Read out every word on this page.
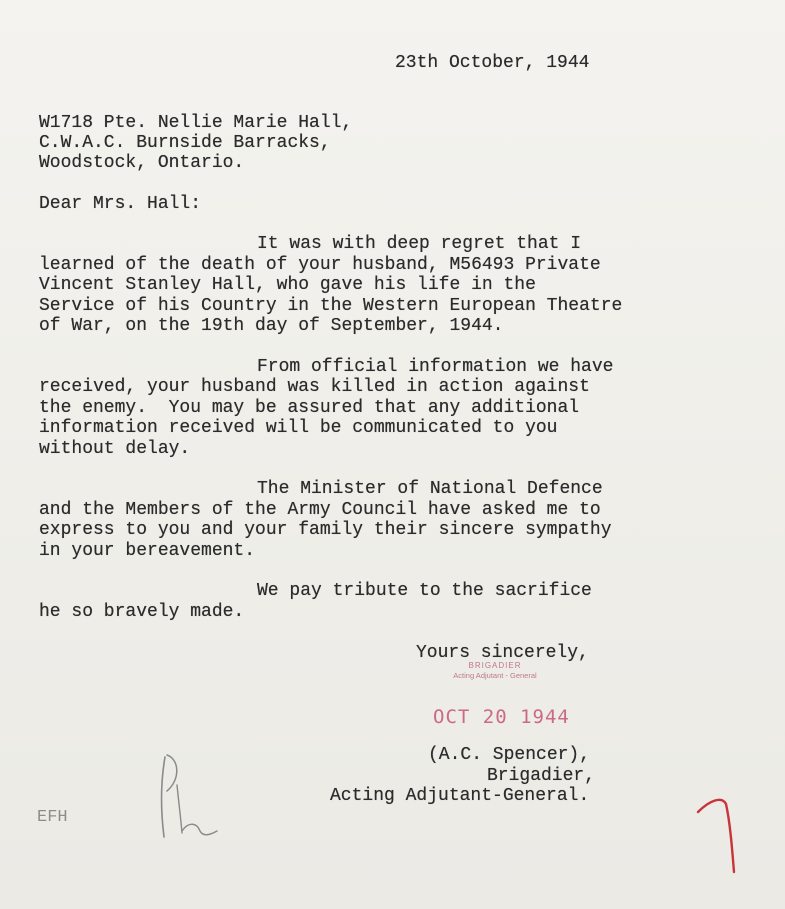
23th October, 1944
W1718 Pte. Nellie Marie Hall,
C.W.A.C. Burnside Barracks,
Woodstock, Ontario.
Dear Mrs. Hall:
It was with deep regret that I
learned of the death of your husband, M56493 Private
Vincent Stanley Hall, who gave his life in the
Service of his Country in the Western European Theatre
of War, on the 19th day of September, 1944.
From official information we have
received, your husband was killed in action against
the enemy.  You may be assured that any additional
information received will be communicated to you
without delay.
The Minister of National Defence
and the Members of the Army Council have asked me to
express to you and your family their sincere sympathy
in your bereavement.
We pay tribute to the sacrifice
he so bravely made.
Yours sincerely,
BRIGADIER
Acting Adjutant - General
OCT 20 1944
(A.C. Spencer),
Brigadier,
Acting Adjutant-General.
EFH
